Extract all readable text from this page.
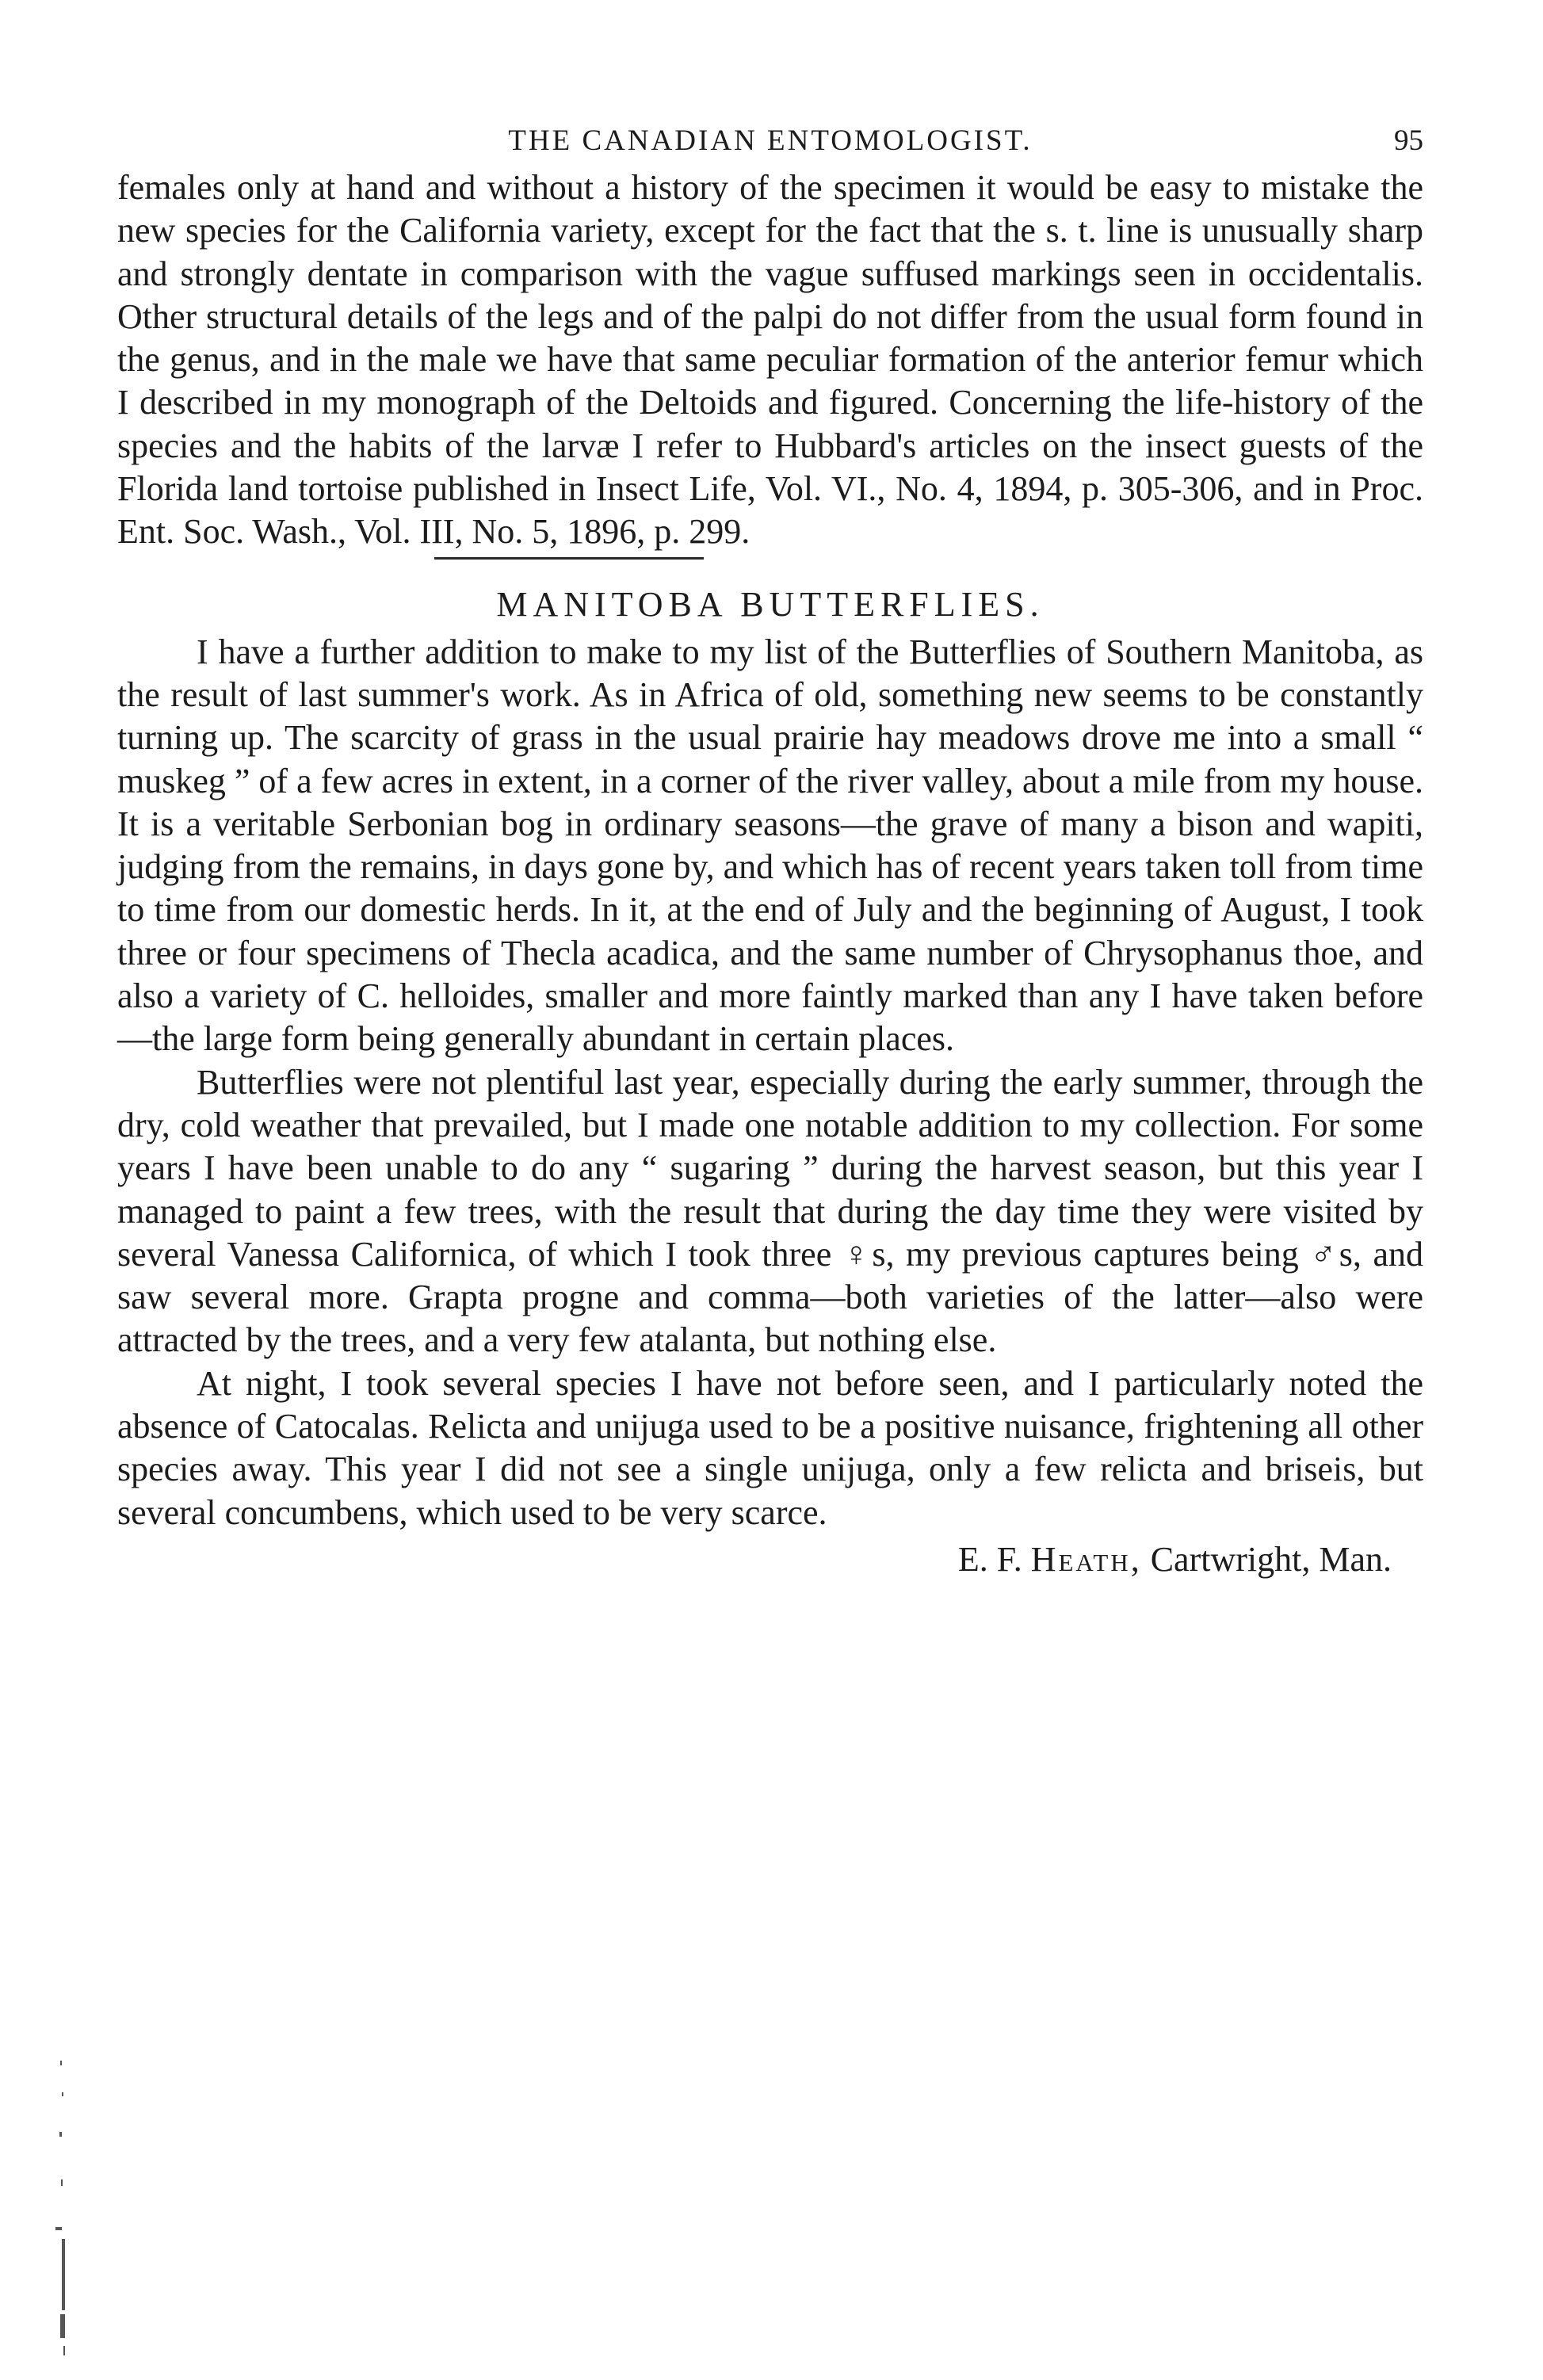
THE CANADIAN ENTOMOLOGIST.	95

females only at hand and without a history of the specimen it would be easy to mistake the new species for the California variety, except for the fact that the s. t. line is unusually sharp and strongly dentate in comparison with the vague suffused markings seen in occidentalis. Other structural details of the legs and of the palpi do not differ from the usual form found in the genus, and in the male we have that same peculiar formation of the anterior femur which I described in my monograph of the Deltoids and figured. Concerning the life-history of the species and the habits of the larvæ I refer to Hubbard's articles on the insect guests of the Florida land tortoise published in Insect Life, Vol. VI., No. 4, 1894, p. 305-306, and in Proc. Ent. Soc. Wash., Vol. III, No. 5, 1896, p. 299.

MANITOBA BUTTERFLIES.

I have a further addition to make to my list of the Butterflies of Southern Manitoba, as the result of last summer's work. As in Africa of old, something new seems to be constantly turning up. The scarcity of grass in the usual prairie hay meadows drove me into a small “ muskeg ” of a few acres in extent, in a corner of the river valley, about a mile from my house. It is a veritable Serbonian bog in ordinary seasons—the grave of many a bison and wapiti, judging from the remains, in days gone by, and which has of recent years taken toll from time to time from our domestic herds. In it, at the end of July and the beginning of August, I took three or four specimens of Thecla acadica, and the same number of Chrysophanus thoe, and also a variety of C. helloides, smaller and more faintly marked than any I have taken before—the large form being generally abundant in certain places.

Butterflies were not plentiful last year, especially during the early summer, through the dry, cold weather that prevailed, but I made one notable addition to my collection. For some years I have been unable to do any “ sugaring ” during the harvest season, but this year I managed to paint a few trees, with the result that during the day time they were visited by several Vanessa Californica, of which I took three ♀s, my previous captures being ♂s, and saw several more. Grapta progne and comma—both varieties of the latter—also were attracted by the trees, and a very few atalanta, but nothing else.

At night, I took several species I have not before seen, and I particularly noted the absence of Catocalas. Relicta and unijuga used to be a positive nuisance, frightening all other species away. This year I did not see a single unijuga, only a few relicta and briseis, but several concumbens, which used to be very scarce.

E. F. Heath, Cartwright, Man.
